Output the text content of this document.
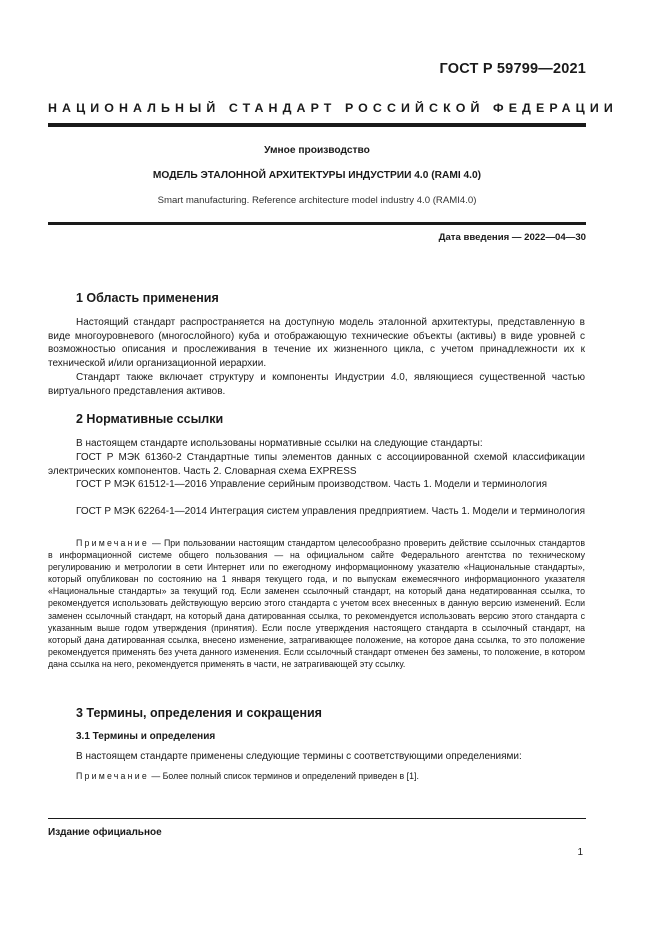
ГОСТ Р 59799—2021
НАЦИОНАЛЬНЫЙ СТАНДАРТ РОССИЙСКОЙ ФЕДЕРАЦИИ
Умное производство
МОДЕЛЬ ЭТАЛОННОЙ АРХИТЕКТУРЫ ИНДУСТРИИ 4.0 (RAMI 4.0)
Smart manufacturing. Reference architecture model industry 4.0 (RAMI4.0)
Дата введения — 2022—04—30
1 Область применения
Настоящий стандарт распространяется на доступную модель эталонной архитектуры, представленную в виде многоуровневого (многослойного) куба и отображающую технические объекты (активы) в виде уровней с возможностью описания и прослеживания в течение их жизненного цикла, с учетом принадлежности их к технической и/или организационной иерархии.
Стандарт также включает структуру и компоненты Индустрии 4.0, являющиеся существенной частью виртуального представления активов.
2 Нормативные ссылки
В настоящем стандарте использованы нормативные ссылки на следующие стандарты:
ГОСТ Р МЭК 61360-2 Стандартные типы элементов данных с ассоциированной схемой классификации электрических компонентов. Часть 2. Словарная схема EXPRESS
ГОСТ Р МЭК 61512-1—2016 Управление серийным производством. Часть 1. Модели и терминология
ГОСТ Р МЭК 62264-1—2014 Интеграция систем управления предприятием. Часть 1. Модели и терминология
Примечание — При пользовании настоящим стандартом целесообразно проверить действие ссылочных стандартов в информационной системе общего пользования — на официальном сайте Федерального агентства по техническому регулированию и метрологии в сети Интернет или по ежегодному информационному указателю «Национальные стандарты», который опубликован по состоянию на 1 января текущего года, и по выпускам ежемесячного информационного указателя «Национальные стандарты» за текущий год. Если заменен ссылочный стандарт, на который дана недатированная ссылка, то рекомендуется использовать действующую версию этого стандарта с учетом всех внесенных в данную версию изменений. Если заменен ссылочный стандарт, на который дана датированная ссылка, то рекомендуется использовать версию этого стандарта с указанным выше годом утверждения (принятия). Если после утверждения настоящего стандарта в ссылочный стандарт, на который дана датированная ссылка, внесено изменение, затрагивающее положение, на которое дана ссылка, то это положение рекомендуется применять без учета данного изменения. Если ссылочный стандарт отменен без замены, то положение, в котором дана ссылка на него, рекомендуется применять в части, не затрагивающей эту ссылку.
3 Термины, определения и сокращения
3.1 Термины и определения
В настоящем стандарте применены следующие термины с соответствующими определениями:
Примечание — Более полный список терминов и определений приведен в [1].
Издание официальное
1
